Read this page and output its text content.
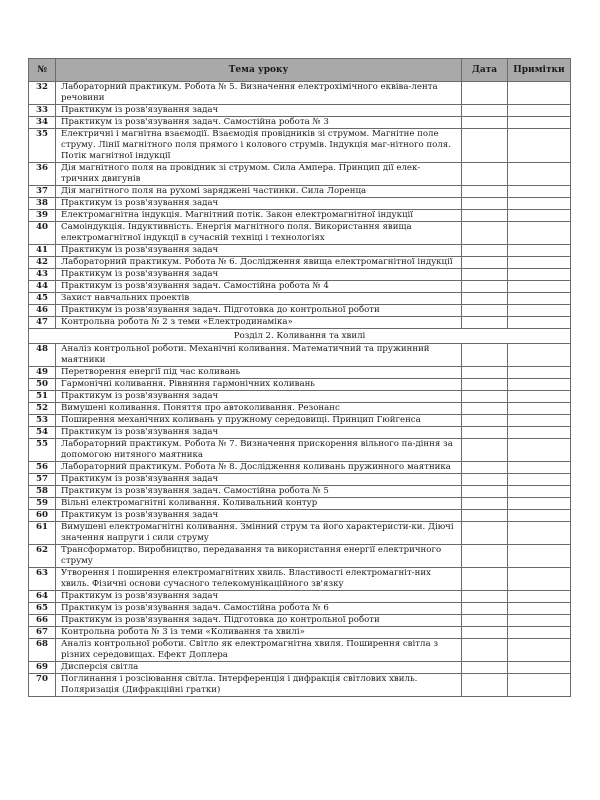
№	Тема уроку	Дата	Примітки
32	Лабораторний практикум. Робота № 5. Визначення електрохімічного еквіва-лента речовини		
33	Практикум із розв'язування задач		
34	Практикум із розв'язування задач. Самостійна робота № 3		
35	Електричні і магнітна взаємодії. Взаємодія провідників зі струмом. Магнітне поле струму. Лінії магнітного поля прямого і колового струмів. Індукція маг-нітного поля. Потік магнітної індукції		
36	Дія магнітного поля на провідник зі струмом. Сила Ампера. Принцип дії елек-тричних двигунів		
37	Дія магнітного поля на рухомі заряджені частинки. Сила Лоренца		
38	Практикум із розв'язування задач		
39	Електромагнітна індукція. Магнітний потік. Закон електромагнітної індукції		
40	Самоіндукція. Індуктивність. Енергія магнітного поля. Використання явища електромагнітної індукції в сучасній техніці і технологіях		
41	Практикум із розв'язування задач		
42	Лабораторний практикум. Робота № 6. Дослідження явища електромагнітної індукції		
43	Практикум із розв'язування задач		
44	Практикум із розв'язування задач. Самостійна робота № 4		
45	Захист навчальних проектів		
46	Практикум із розв'язування задач. Підготовка до контрольної роботи		
47	Контрольна робота № 2 з теми «Електродинаміка»		
Розділ 2. Коливання та хвилі			
48	Аналіз контрольної роботи. Механічні коливання. Математичний та пружинний маятники		
49	Перетворення енергії під час коливань		
50	Гармонічні коливання. Рівняння гармонічних коливань		
51	Практикум із розв'язування задач		
52	Вимушені коливання. Поняття про автоколивання. Резонанс		
53	Поширення механічних коливань у пружному середовищі. Принцип Гюйгенса		
54	Практикум із розв'язування задач		
55	Лабораторний практикум. Робота № 7. Визначення прискорення вільного па-діння за допомогою нитяного маятника		
56	Лабораторний практикум. Робота № 8. Дослідження коливань пружинного маятника		
57	Практикум із розв'язування задач		
58	Практикум із розв'язування задач. Самостійна робота № 5		
59	Вільні електромагнітні коливання. Коливальний контур		
60	Практикум із розв'язування задач		
61	Вимушені електромагнітні коливання. Змінний струм та його характеристи-ки. Діючі значення напруги і сили струму		
62	Трансформатор. Виробництво, передавання та використання енергії електричного струму		
63	Утворення і поширення електромагнітних хвиль. Властивості електромагніт-них хвиль. Фізичні основи сучасного телекомунікаційного зв'язку		
64	Практикум із розв'язування задач		
65	Практикум із розв'язування задач. Самостійна робота № 6		
66	Практикум із розв'язування задач. Підготовка до контрольної роботи		
67	Контрольна робота № 3 із теми «Коливання та хвилі»		
68	Аналіз контрольної роботи. Світло як електромагнітна хвиля. Поширення світла з різних середовищах. Ефект Доплера		
69	Дисперсія світла		
70	Поглинання і розсіювання світла. Інтерференція і дифракція світлових хвиль. Поляризація (Дифракційні гратки)		
